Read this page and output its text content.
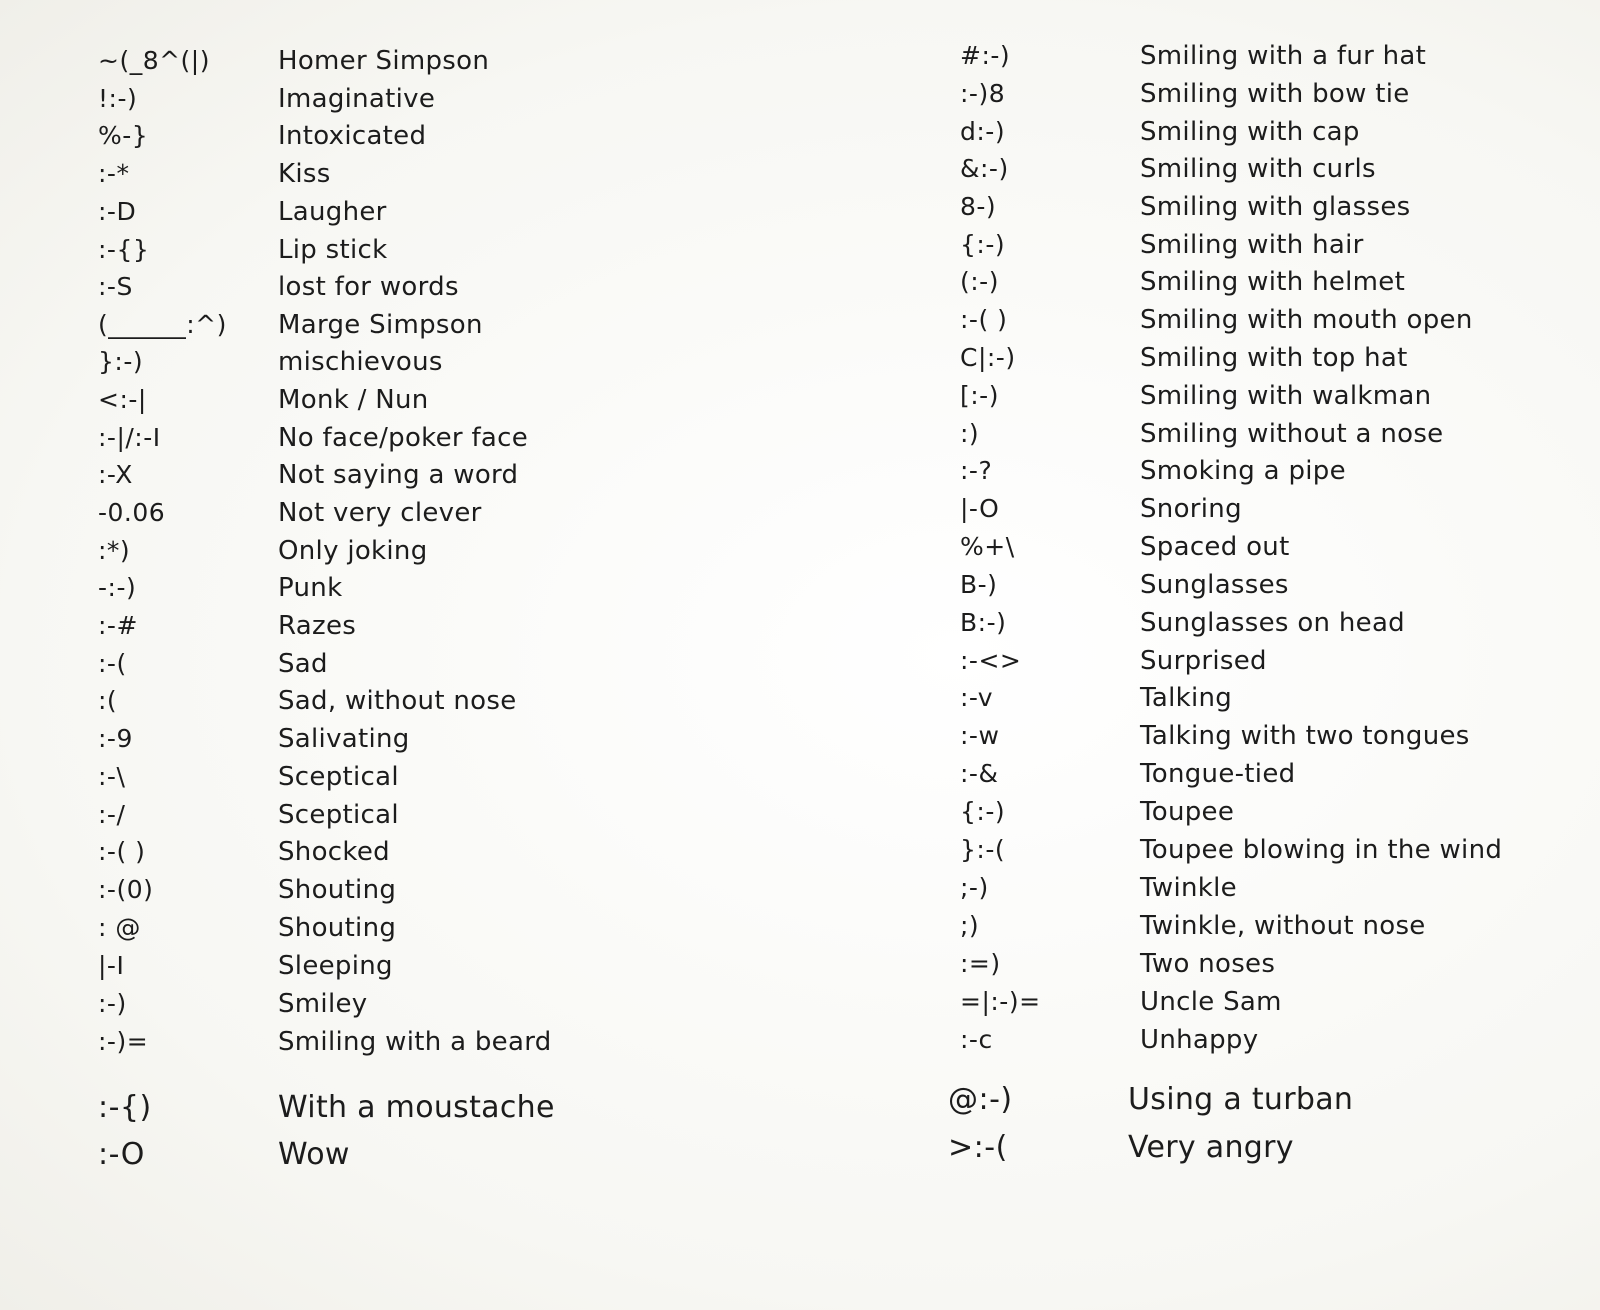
~(_8^(|)	Homer Simpson
!:-)	Imaginative
%-}	Intoxicated
:-*	Kiss
:-D	Laugher
:-{}	Lip stick
:-S	lost for words
(______:^) Marge Simpson
}:-)	mischievous
<:-|	Monk / Nun
:-|/:-I	No face/poker face
:-X	Not saying a word
-0.06	Not very clever
:*)	Only joking
-:-)	Punk
:-#	Razes
:-(	Sad
:(	Sad, without nose
:-9	Salivating
:-\	Sceptical
:-/	Sceptical
:-( )	Shocked
:-(0)	Shouting
: @	Shouting
|-I	Sleeping
:-)	Smiley
:-)=	Smiling with a beard
:-{)	With a moustache
:-O	Wow
#:-)	Smiling with a fur hat
:-)8	Smiling with bow tie
d:-)	Smiling with cap
&:-)	Smiling with curls
8-)	Smiling with glasses
{:-)	Smiling with hair
(:-)	Smiling with helmet
:-( )	Smiling with mouth open
C|:-)	Smiling with top hat
[:-)	Smiling with walkman
:)	Smiling without a nose
:-?	Smoking a pipe
|-O	Snoring
%+\	Spaced out
B-)	Sunglasses
B:-)	Sunglasses on head
:-<>	Surprised
:-v	Talking
:-w	Talking with two tongues
:-&	Tongue-tied
{:-)	Toupee
}:-(	Toupee blowing in the wind
;-)	Twinkle
;)	Twinkle, without nose
:=)	Two noses
=|:-)=	Uncle Sam
:-c	Unhappy
@:-)	Using a turban
>:-(	Very angry
